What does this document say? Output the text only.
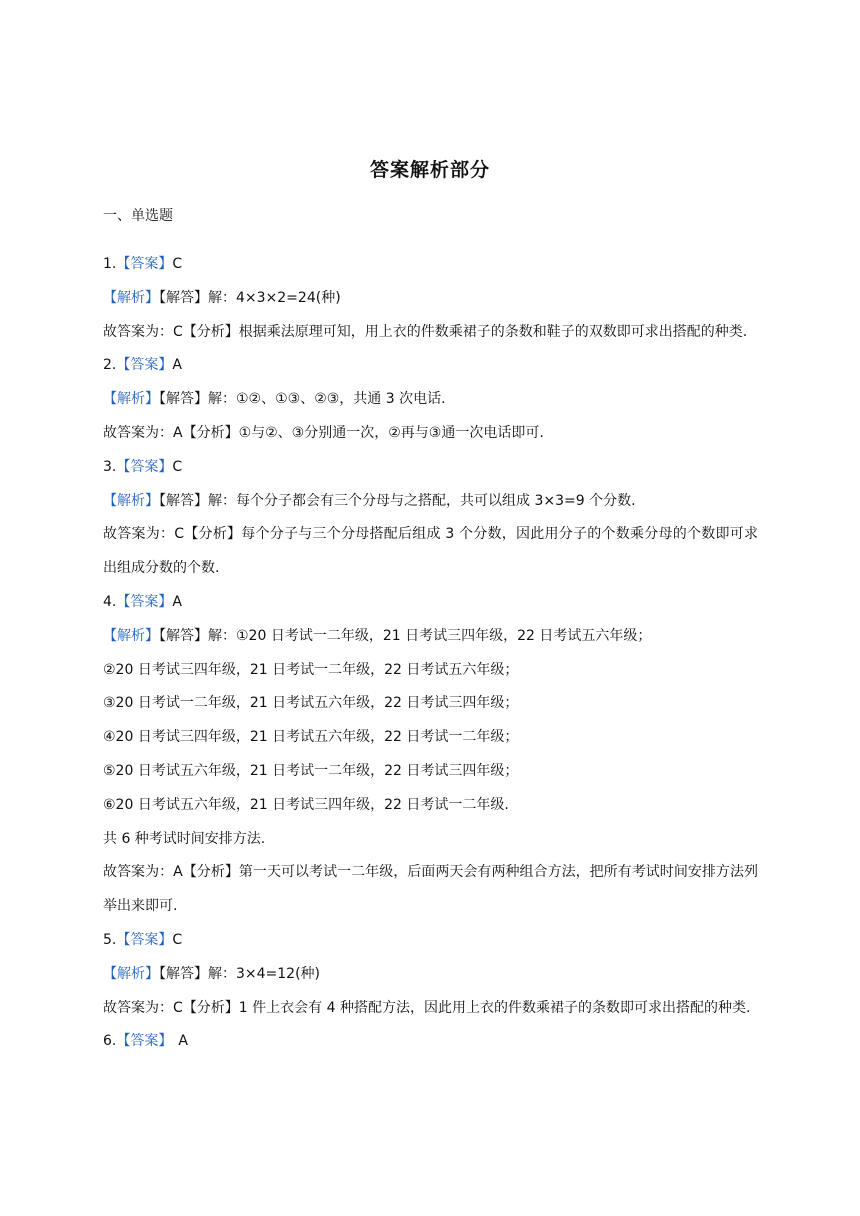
答案解析部分
一、单选题
1.【答案】C
【解析】【解答】解：4×3×2=24(种)
故答案为：C【分析】根据乘法原理可知，用上衣的件数乘裙子的条数和鞋子的双数即可求出搭配的种类.
2.【答案】A
【解析】【解答】解：①②、①③、②③，共通 3 次电话.
故答案为：A【分析】①与②、③分别通一次，②再与③通一次电话即可.
3.【答案】C
【解析】【解答】解：每个分子都会有三个分母与之搭配，共可以组成 3×3=9 个分数.
故答案为：C【分析】每个分子与三个分母搭配后组成 3 个分数，因此用分子的个数乘分母的个数即可求出组成分数的个数.
4.【答案】A
【解析】【解答】解：①20 日考试一二年级，21 日考试三四年级，22 日考试五六年级；
②20 日考试三四年级，21 日考试一二年级，22 日考试五六年级；
③20 日考试一二年级，21 日考试五六年级，22 日考试三四年级；
④20 日考试三四年级，21 日考试五六年级，22 日考试一二年级；
⑤20 日考试五六年级，21 日考试一二年级，22 日考试三四年级；
⑥20 日考试五六年级，21 日考试三四年级，22 日考试一二年级.
共 6 种考试时间安排方法.
故答案为：A【分析】第一天可以考试一二年级，后面两天会有两种组合方法，把所有考试时间安排方法列举出来即可.
5.【答案】C
【解析】【解答】解：3×4=12(种)
故答案为：C【分析】1 件上衣会有 4 种搭配方法，因此用上衣的件数乘裙子的条数即可求出搭配的种类.
6.【答案】 A
